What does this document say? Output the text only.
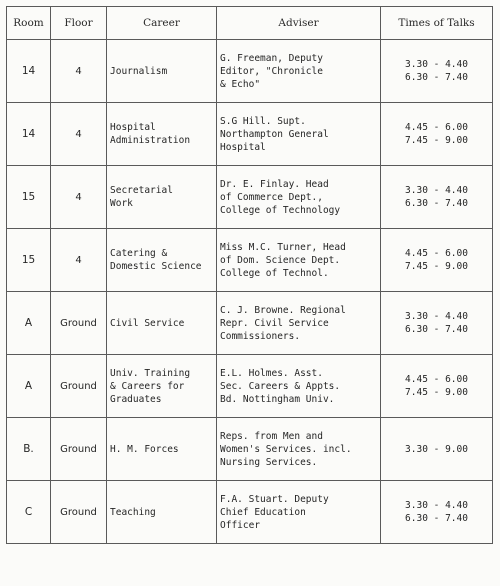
Room	Floor	Career	Adviser	Times of Talks
14	4	Journalism	G. Freeman, Deputy
Editor, "Chronicle
& Echo"	3.30 - 4.40
6.30 - 7.40

14	4	Hospital
Administration	S.G Hill. Supt.
Northampton General
Hospital	4.45 - 6.00
7.45 - 9.00

15	4	Secretarial
Work	Dr. E. Finlay. Head
of Commerce Dept.,
College of Technology	3.30 - 4.40
6.30 - 7.40

15	4	Catering &
Domestic Science	Miss M.C. Turner, Head
of Dom. Science Dept.
College of Technol.	4.45 - 6.00
7.45 - 9.00

A	Ground	Civil Service	C. J. Browne. Regional
Repr. Civil Service
Commissioners.	3.30 - 4.40
6.30 - 7.40

A	Ground	Univ. Training
& Careers for
Graduates	E.L. Holmes. Asst.
Sec. Careers & Appts.
Bd. Nottingham Univ.	4.45 - 6.00
7.45 - 9.00

B.	Ground	H. M. Forces	Reps. from Men and
Women's Services. incl.
Nursing Services.	3.30 - 9.00

C	Ground	Teaching	F.A. Stuart. Deputy
Chief Education
Officer	3.30 - 4.40
6.30 - 7.40
